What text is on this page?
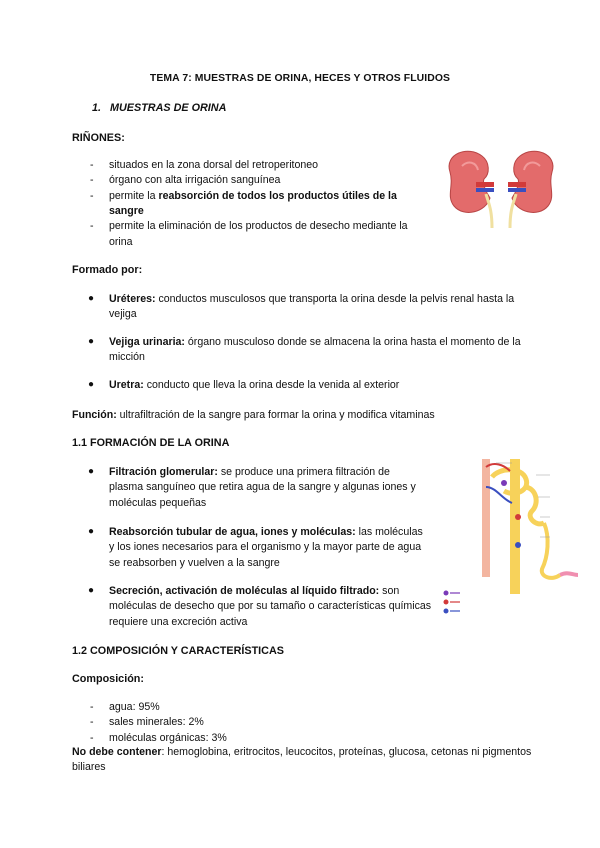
TEMA 7: MUESTRAS DE ORINA, HECES Y OTROS FLUIDOS
1. MUESTRAS DE ORINA
RIÑONES:
- situados en la zona dorsal del retroperitoneo
- órgano con alta irrigación sanguínea
- permite la reabsorción de todos los productos útiles de la sangre
- permite la eliminación de los productos de desecho mediante la orina
Formado por:
●	Uréteres: conductos musculosos que transporta la orina desde la pelvis renal hasta la vejiga
●	Vejiga urinaria: órgano musculoso donde se almacena la orina hasta el momento de la micción
●	Uretra: conducto que lleva la orina desde la venida al exterior
Función: ultrafiltración de la sangre para formar la orina y modifica vitaminas
1.1 FORMACIÓN DE LA ORINA
●	Filtración glomerular: se produce una primera filtración de plasma sanguíneo que retira agua de la sangre y algunas iones y moléculas pequeñas
●	Reabsorción tubular de agua, iones y moléculas: las moléculas y los iones necesarios para el organismo y la mayor parte de agua se reabsorben y vuelven a la sangre
●	Secreción, activación de moléculas al líquido filtrado: son moléculas de desecho que por su tamaño o características químicas requiere una excreción activa
1.2 COMPOSICIÓN Y CARACTERÍSTICAS
Composición:
- agua: 95%
- sales minerales: 2%
- moléculas orgánicas: 3%
No debe contener: hemoglobina, eritrocitos, leucocitos, proteínas, glucosa, cetonas ni pigmentos biliares
